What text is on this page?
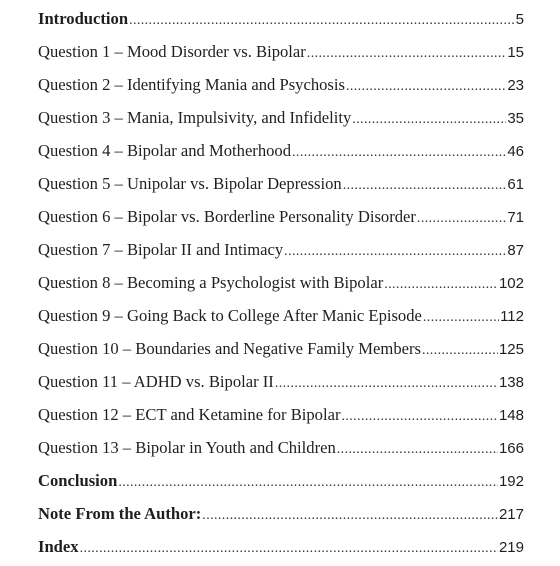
Introduction .....	5
Question 1 – Mood Disorder vs. Bipolar .....	15
Question 2 – Identifying Mania and Psychosis .....	23
Question 3 – Mania, Impulsivity, and Infidelity .....	35
Question 4 – Bipolar and Motherhood .....	46
Question 5 – Unipolar vs. Bipolar Depression .....	61
Question 6 – Bipolar vs. Borderline Personality Disorder .....	71
Question 7 – Bipolar II and Intimacy .....	87
Question 8 – Becoming a Psychologist with Bipolar .....	102
Question 9 – Going Back to College After Manic Episode .....	112
Question 10 – Boundaries and Negative Family Members .....	125
Question 11 – ADHD vs. Bipolar II .....	138
Question 12 – ECT and Ketamine for Bipolar .....	148
Question 13 – Bipolar in Youth and Children .....	166
Conclusion .....	192
Note From the Author: .....	217
Index .....	219
